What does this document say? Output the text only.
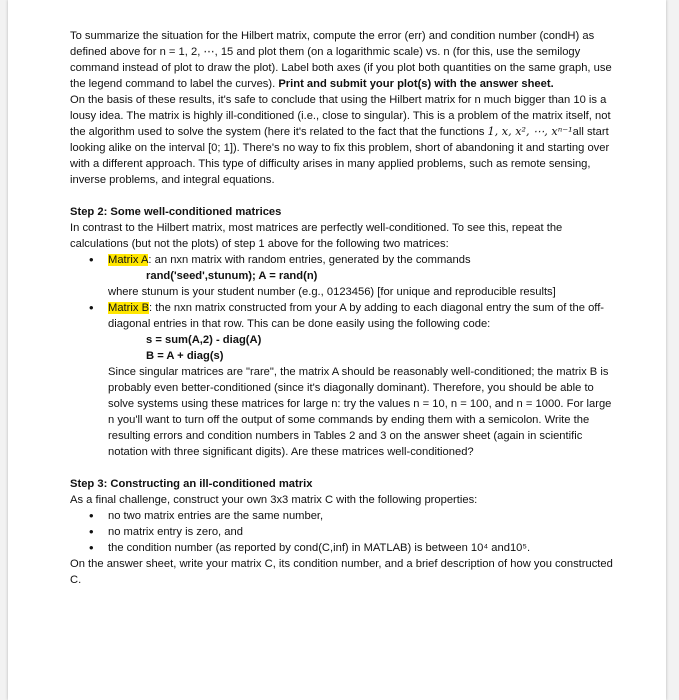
To summarize the situation for the Hilbert matrix, compute the error (err) and condition number (condH) as defined above for n = 1, 2, ⋯, 15 and plot them (on a logarithmic scale) vs. n (for this, use the semilogy command instead of plot to draw the plot). Label both axes (if you plot both quantities on the same graph, use the legend command to label the curves). Print and submit your plot(s) with the answer sheet.

On the basis of these results, it's safe to conclude that using the Hilbert matrix for n much bigger than 10 is a lousy idea. The matrix is highly ill-conditioned (i.e., close to singular). This is a problem of the matrix itself, not the algorithm used to solve the system (here it's related to the fact that the functions 1, x, x², ⋯, xⁿ⁻¹all start looking alike on the interval [0; 1]). There's no way to fix this problem, short of abandoning it and starting over with a different approach. This type of difficulty arises in many applied problems, such as remote sensing, inverse problems, and integral equations.

Step 2: Some well-conditioned matrices

In contrast to the Hilbert matrix, most matrices are perfectly well-conditioned. To see this, repeat the calculations (but not the plots) of step 1 above for the following two matrices:

• Matrix A: an nxn matrix with random entries, generated by the commands

rand('seed',stunum); A = rand(n)

where stunum is your student number (e.g., 0123456) [for unique and reproducible results]

• Matrix B: the nxn matrix constructed from your A by adding to each diagonal entry the sum of the off-diagonal entries in that row. This can be done easily using the following code:

s = sum(A,2) - diag(A)

B = A + diag(s)

Since singular matrices are "rare", the matrix A should be reasonably well-conditioned; the matrix B is probably even better-conditioned (since it's diagonally dominant). Therefore, you should be able to solve systems using these matrices for large n: try the values n = 10, n = 100, and n = 1000. For large n you'll want to turn off the output of some commands by ending them with a semicolon. Write the resulting errors and condition numbers in Tables 2 and 3 on the answer sheet (again in scientific notation with three significant digits). Are these matrices well-conditioned?

Step 3: Constructing an ill-conditioned matrix

As a final challenge, construct your own 3x3 matrix C with the following properties:

• no two matrix entries are the same number,
• no matrix entry is zero, and
• the condition number (as reported by cond(C,inf) in MATLAB) is between 10⁴ and10⁵.

On the answer sheet, write your matrix C, its condition number, and a brief description of how you constructed C.
